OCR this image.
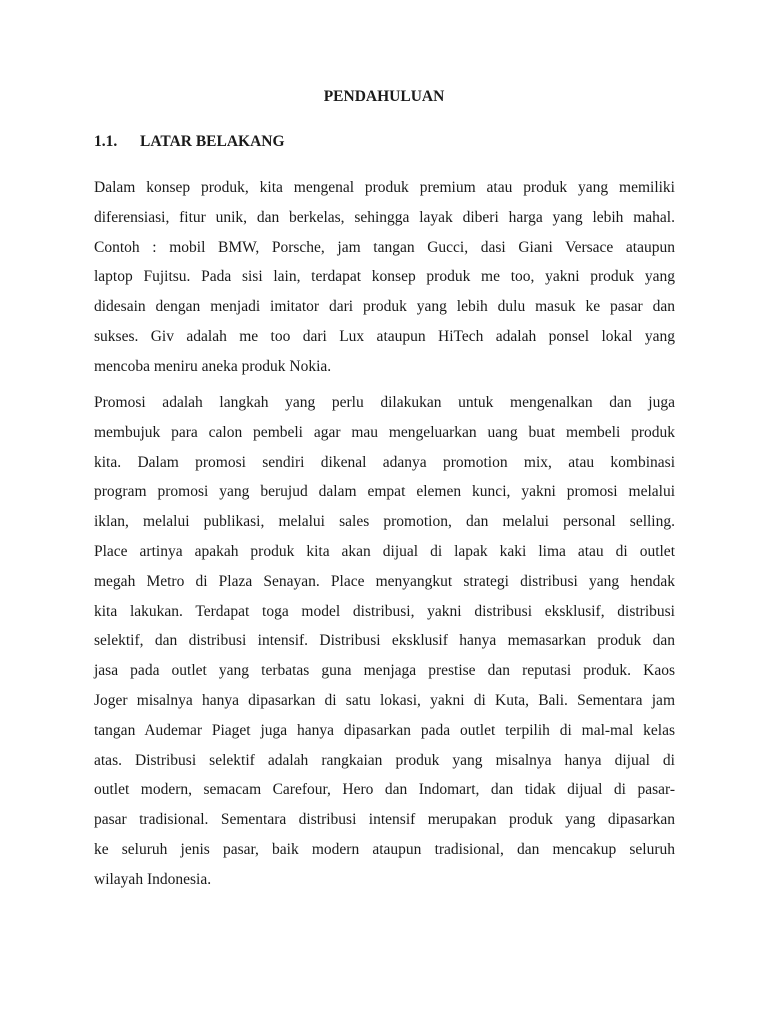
PENDAHULUAN
1.1. LATAR BELAKANG
Dalam konsep produk, kita mengenal produk premium atau produk yang memiliki
diferensiasi, fitur unik, dan berkelas, sehingga layak diberi harga yang lebih mahal.
Contoh : mobil BMW, Porsche, jam tangan Gucci, dasi Giani Versace ataupun
laptop Fujitsu. Pada sisi lain, terdapat konsep produk me too, yakni produk yang
didesain dengan menjadi imitator dari produk yang lebih dulu masuk ke pasar dan
sukses. Giv adalah me too dari Lux ataupun HiTech adalah ponsel lokal yang
mencoba meniru aneka produk Nokia.
Promosi adalah langkah yang perlu dilakukan untuk mengenalkan dan juga
membujuk para calon pembeli agar mau mengeluarkan uang buat membeli produk
kita. Dalam promosi sendiri dikenal adanya promotion mix, atau kombinasi
program promosi yang berujud dalam empat elemen kunci, yakni promosi melalui
iklan, melalui publikasi, melalui sales promotion, dan melalui personal selling.
Place artinya apakah produk kita akan dijual di lapak kaki lima atau di outlet
megah Metro di Plaza Senayan. Place menyangkut strategi distribusi yang hendak
kita lakukan. Terdapat toga model distribusi, yakni distribusi eksklusif, distribusi
selektif, dan distribusi intensif. Distribusi eksklusif hanya memasarkan produk dan
jasa pada outlet yang terbatas guna menjaga prestise dan reputasi produk. Kaos
Joger misalnya hanya dipasarkan di satu lokasi, yakni di Kuta, Bali. Sementara jam
tangan Audemar Piaget juga hanya dipasarkan pada outlet terpilih di mal-mal kelas
atas. Distribusi selektif adalah rangkaian produk yang misalnya hanya dijual di
outlet modern, semacam Carefour, Hero dan Indomart, dan tidak dijual di pasar-
pasar tradisional. Sementara distribusi intensif merupakan produk yang dipasarkan
ke seluruh jenis pasar, baik modern ataupun tradisional, dan mencakup seluruh
wilayah Indonesia.
